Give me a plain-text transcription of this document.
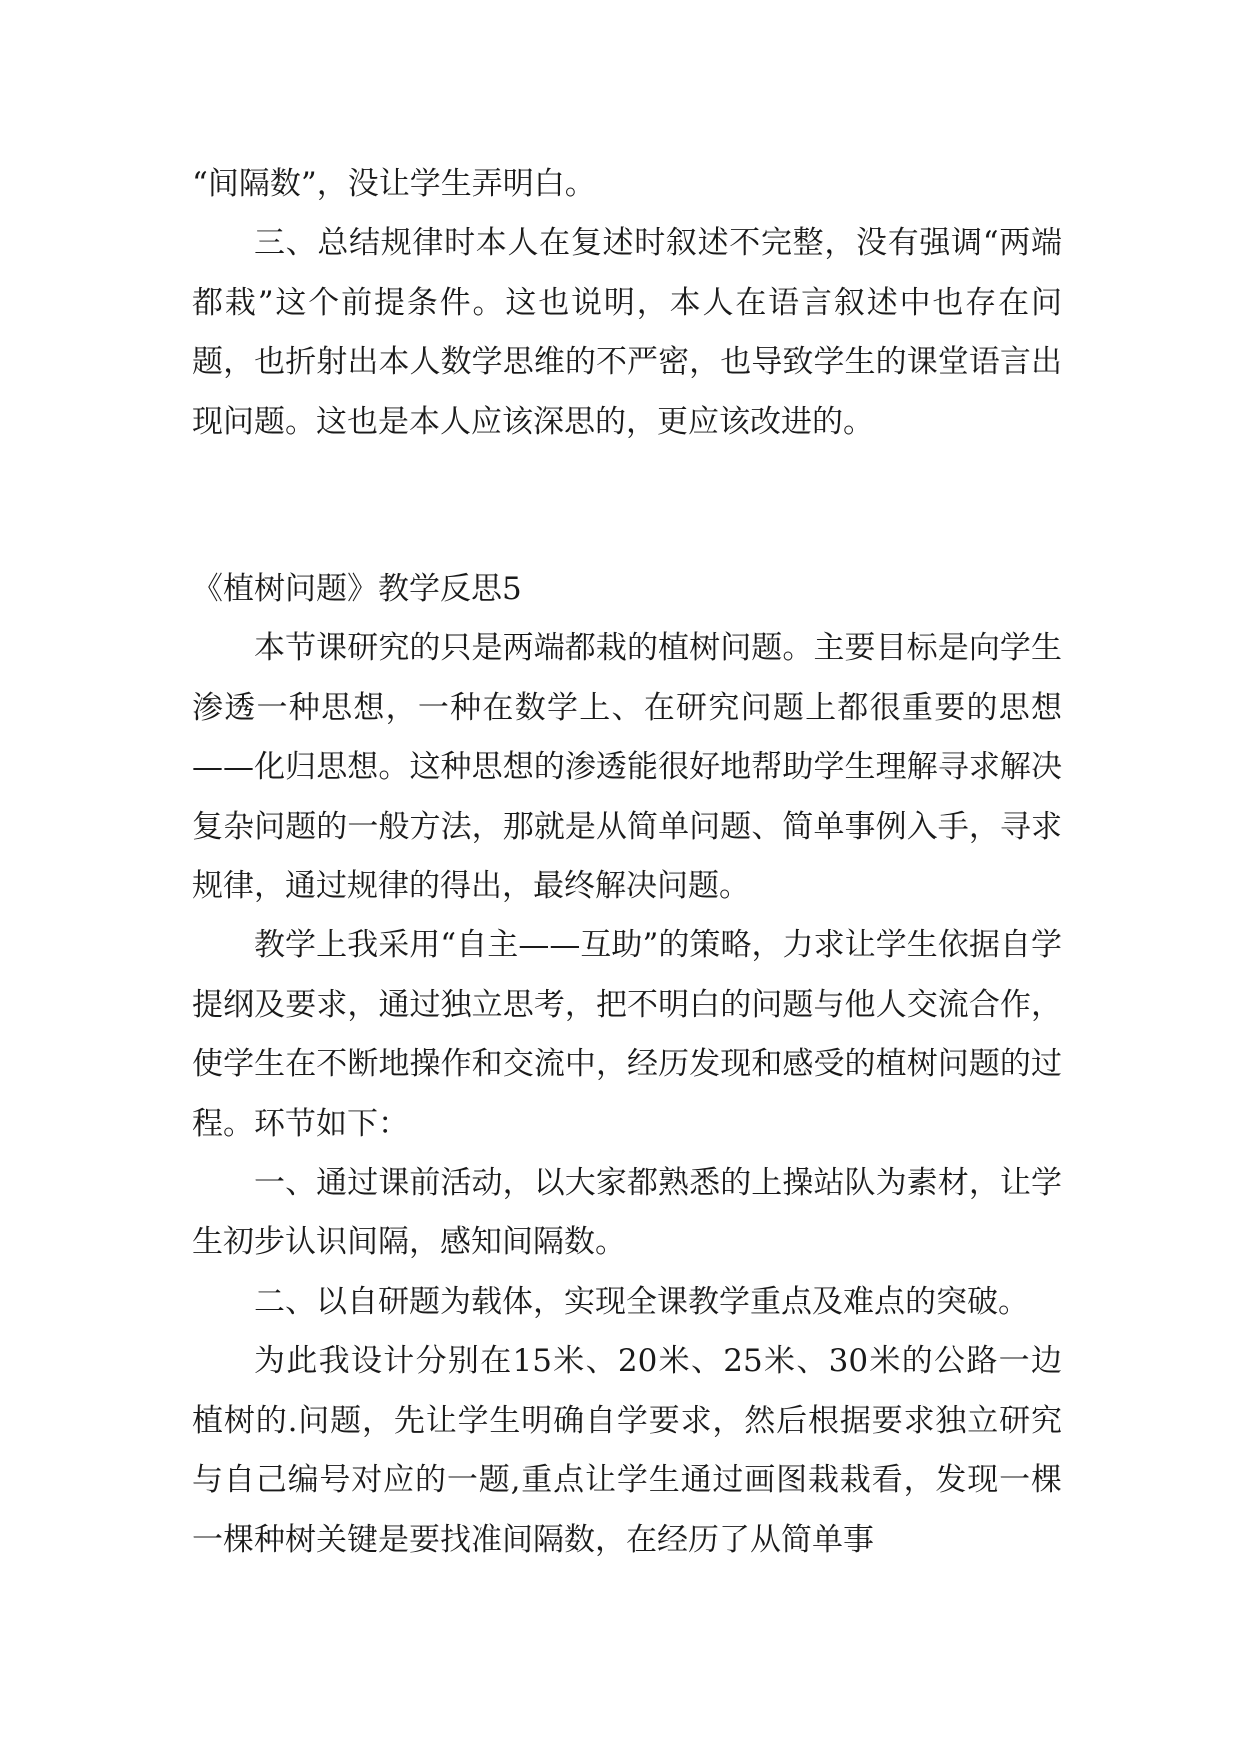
“间隔数”，没让学生弄明白。

三、总结规律时本人在复述时叙述不完整，没有强调“两端都栽”这个前提条件。这也说明，本人在语言叙述中也存在问题，也折射出本人数学思维的不严密，也导致学生的课堂语言出现问题。这也是本人应该深思的，更应该改进的。

《植树问题》教学反思5

本节课研究的只是两端都栽的植树问题。主要目标是向学生渗透一种思想，一种在数学上、在研究问题上都很重要的思想——化归思想。这种思想的渗透能很好地帮助学生理解寻求解决复杂问题的一般方法，那就是从简单问题、简单事例入手，寻求规律，通过规律的得出，最终解决问题。

教学上我采用“自主——互助”的策略，力求让学生依据自学提纲及要求，通过独立思考，把不明白的问题与他人交流合作，使学生在不断地操作和交流中，经历发现和感受的植树问题的过程。环节如下：

一、通过课前活动，以大家都熟悉的上操站队为素材，让学生初步认识间隔，感知间隔数。

二、以自研题为载体，实现全课教学重点及难点的突破。

为此我设计分别在15米、20米、25米、30米的公路一边植树的.问题，先让学生明确自学要求，然后根据要求独立研究与自己编号对应的一题,重点让学生通过画图栽栽看，发现一棵一棵种树关键是要找准间隔数，在经历了从简单事
